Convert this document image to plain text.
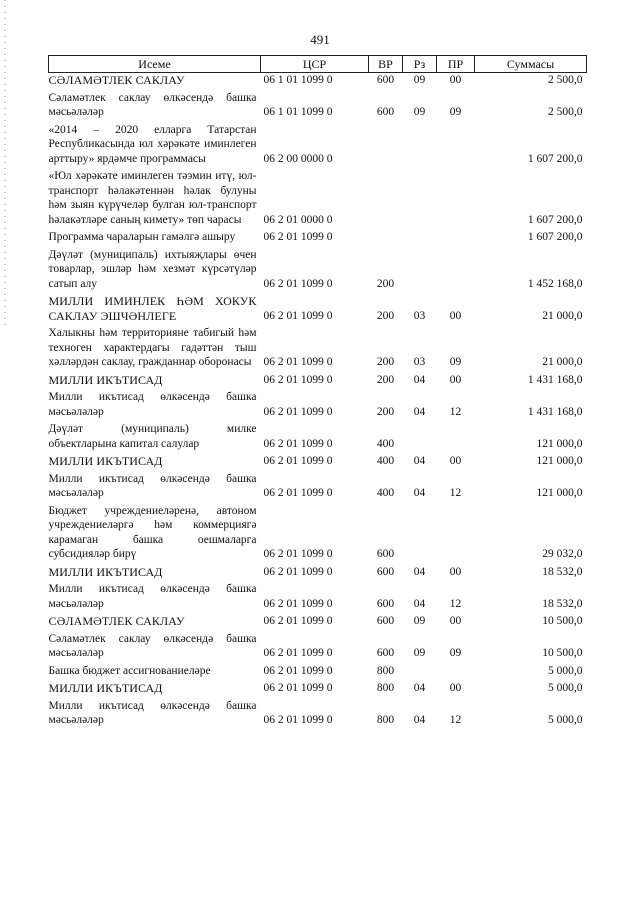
491
Исеме	ЦСР	ВР	Рз	ПР	Суммасы
СӘЛАМӘТЛЕК САКЛАУ	06 1 01 1099 0	600	09	00	2 500,0
Сәламәтлек саклау өлкәсендә башка мәсьәләләр	06 1 01 1099 0	600	09	09	2 500,0
«2014 – 2020 елларга Татарстан Республикасында юл хәрәкәте иминлеген арттыру» ярдәмче программасы	06 2 00 0000 0				1 607 200,0
«Юл хәрәкәте иминлеген тәэмин итү, юл-транспорт һәлакәтеннән һәлак булуны һәм зыян күрүчеләр булган юл-транспорт һәлакәтләре саның кимету» төп чарасы	06 2 01 0000 0				1 607 200,0
Программа чараларын гамәлгә ашыру	06 2 01 1099 0				1 607 200,0
Дәүләт (муниципаль) ихтыяҗлары өчен товарлар, эшләр һәм хезмәт күрсәтүләр сатып алу	06 2 01 1099 0	200			1 452 168,0
МИЛЛИ ИМИНЛЕК ҺӘМ ХОКУК САКЛАУ ЭШЧӘНЛЕГЕ	06 2 01 1099 0	200	03	00	21 000,0
Халыкны һәм территорияне табигый һәм техноген характердагы гадәттән тыш хәлләрдән саклау, гражданнар оборонасы	06 2 01 1099 0	200	03	09	21 000,0
МИЛЛИ ИКЪТИСАД	06 2 01 1099 0	200	04	00	1 431 168,0
Милли икътисад өлкәсендә башка мәсьәләләр	06 2 01 1099 0	200	04	12	1 431 168,0
Дәүләт (муниципаль) милке объектларына капитал салулар	06 2 01 1099 0	400			121 000,0
МИЛЛИ ИКЪТИСАД	06 2 01 1099 0	400	04	00	121 000,0
Милли икътисад өлкәсендә башка мәсьәләләр	06 2 01 1099 0	400	04	12	121 000,0
Бюджет учреждениеләренә, автоном учреждениеләргә һәм коммерциягә карамаган башка оешмаларга субсидияләр бирү	06 2 01 1099 0	600			29 032,0
МИЛЛИ ИКЪТИСАД	06 2 01 1099 0	600	04	00	18 532,0
Милли икътисад өлкәсендә башка мәсьәләләр	06 2 01 1099 0	600	04	12	18 532,0
СӘЛАМӘТЛЕК САКЛАУ	06 2 01 1099 0	600	09	00	10 500,0
Сәламәтлек саклау өлкәсендә башка мәсьәләләр	06 2 01 1099 0	600	09	09	10 500,0
Башка бюджет ассигнованиеләре	06 2 01 1099 0	800			5 000,0
МИЛЛИ ИКЪТИСАД	06 2 01 1099 0	800	04	00	5 000,0
Милли икътисад өлкәсендә башка мәсьәләләр	06 2 01 1099 0	800	04	12	5 000,0
